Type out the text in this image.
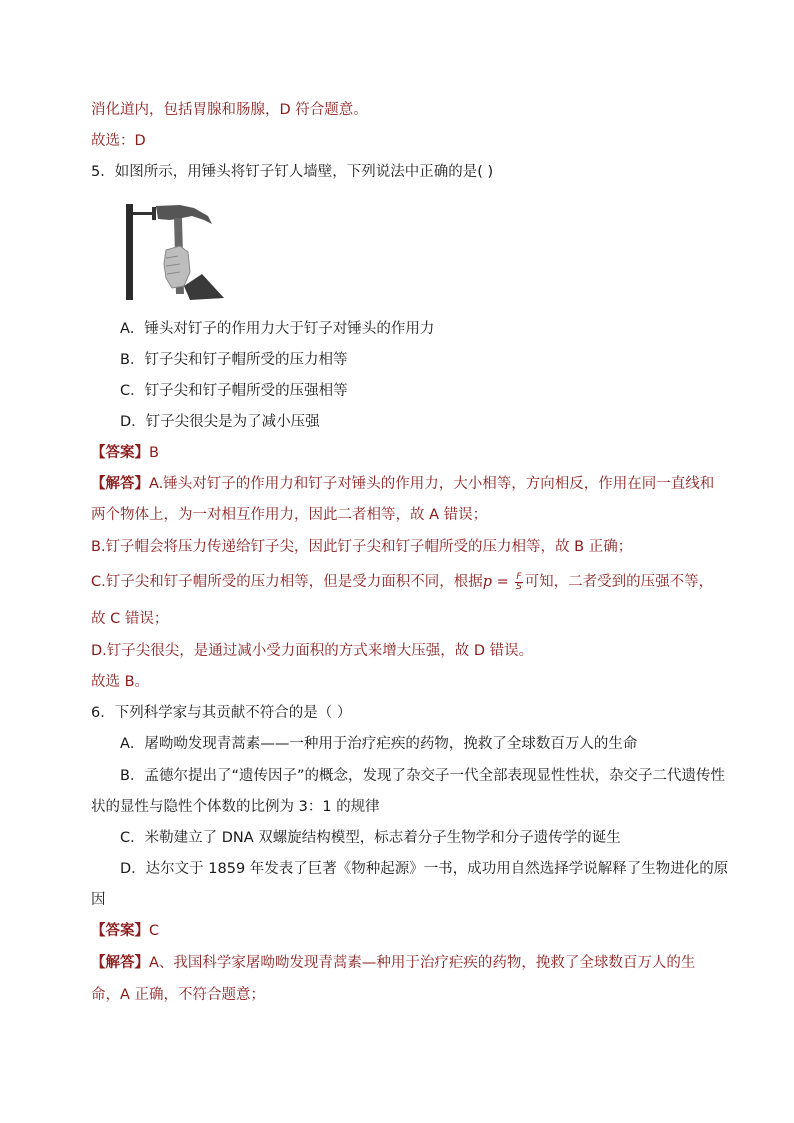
消化道内，包括胃腺和肠腺，D 符合题意。
故选：D
5．如图所示，用锤头将钉子钉人墙壁，下列说法中正确的是( )
A．锤头对钉子的作用力大于钉子对锤头的作用力
B．钉子尖和钉子帽所受的压力相等
C．钉子尖和钉子帽所受的压强相等
D．钉子尖很尖是为了减小压强
【答案】B
【解答】A.锤头对钉子的作用力和钉子对锤头的作用力，大小相等，方向相反，作用在同一直线和
两个物体上，为一对相互作用力，因此二者相等，故 A 错误；
B.钉子帽会将压力传递给钉子尖，因此钉子尖和钉子帽所受的压力相等，故 B 正确；
C.钉子尖和钉子帽所受的压力相等，但是受力面积不同，根据$p = \frac{F}{S}$ 可知，二者受到的压强不等，
故 C 错误；
D.钉子尖很尖，是通过减小受力面积的方式来增大压强，故 D 错误。
故选 B。
6．下列科学家与其贡献不符合的是（ ）
A．屠呦呦发现青蒿素——一种用于治疗疟疾的药物，挽救了全球数百万人的生命
B．孟德尔提出了“遗传因子”的概念，发现了杂交子一代全部表现显性性状，杂交子二代遗传性
状的显性与隐性个体数的比例为 3：1 的规律
C．米勒建立了 DNA 双螺旋结构模型，标志着分子生物学和分子遗传学的诞生
D．达尔文于 1859 年发表了巨著《物种起源》一书，成功用自然选择学说解释了生物进化的原
因
【答案】C
【解答】A、我国科学家屠呦呦发现青蒿素—种用于治疗疟疾的药物，挽救了全球数百万人的生
命，A 正确，不符合题意；
